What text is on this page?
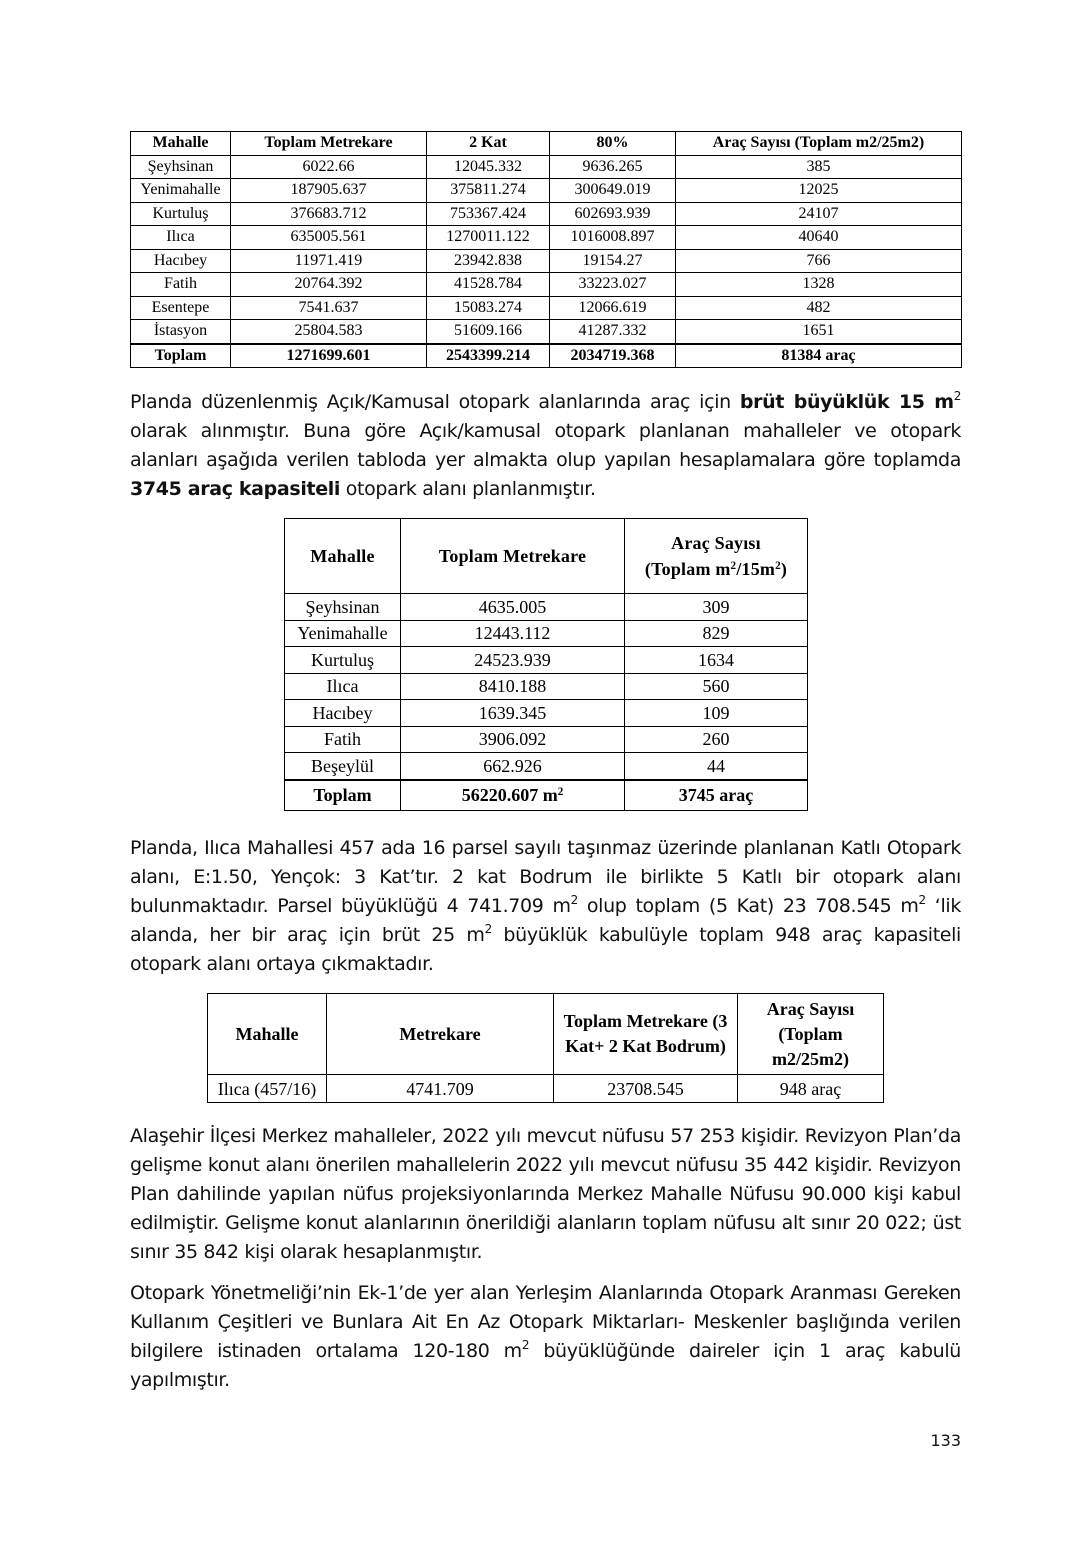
Mahalle	Toplam Metrekare	2 Kat	80%	Araç Sayısı (Toplam m2/25m2)
Şeyhsinan	6022.66	12045.332	9636.265	385
Yenimahalle	187905.637	375811.274	300649.019	12025
Kurtuluş	376683.712	753367.424	602693.939	24107
Ilıca	635005.561	1270011.122	1016008.897	40640
Hacıbey	11971.419	23942.838	19154.27	766
Fatih	20764.392	41528.784	33223.027	1328
Esentepe	7541.637	15083.274	12066.619	482
İstasyon	25804.583	51609.166	41287.332	1651
Toplam	1271699.601	2543399.214	2034719.368	81384 araç

Planda düzenlenmiş Açık/Kamusal otopark alanlarında araç için brüt büyüklük 15 $m^2$ olarak alınmıştır. Buna göre Açık/kamusal otopark planlanan mahalleler ve otopark alanları aşağıda verilen tabloda yer almakta olup yapılan hesaplamalara göre toplamda 3745 araç kapasiteli otopark alanı planlanmıştır.

Mahalle	Toplam Metrekare	Araç Sayısı
(Toplam $m^2/15m^2$)
Şeyhsinan	4635.005	309
Yenimahalle	12443.112	829
Kurtuluş	24523.939	1634
Ilıca	8410.188	560
Hacıbey	1639.345	109
Fatih	3906.092	260
Beşeylül	662.926	44
Toplam	56220.607 $m^2$	3745 araç

Planda, Ilıca Mahallesi 457 ada 16 parsel sayılı taşınmaz üzerinde planlanan Katlı Otopark alanı, E:1.50, Yençok: 3 Kat’tır. 2 kat Bodrum ile birlikte 5 Katlı bir otopark alanı bulunmaktadır. Parsel büyüklüğü 4 741.709 $m^2$ olup toplam (5 Kat) 23 708.545 $m^2$ ‘lik alanda, her bir araç için brüt 25 $m^2$ büyüklük kabulüyle toplam 948 araç kapasiteli otopark alanı ortaya çıkmaktadır.

Mahalle	Metrekare	Toplam Metrekare (3 Kat+ 2 Kat Bodrum)	Araç Sayısı (Toplam m2/25m2)
Ilıca (457/16)	4741.709	23708.545	948 araç

Alaşehir İlçesi Merkez mahalleler, 2022 yılı mevcut nüfusu 57 253 kişidir. Revizyon Plan’da gelişme konut alanı önerilen mahallelerin 2022 yılı mevcut nüfusu 35 442 kişidir. Revizyon Plan dahilinde yapılan nüfus projeksiyonlarında Merkez Mahalle Nüfusu 90.000 kişi kabul edilmiştir. Gelişme konut alanlarının önerildiği alanların toplam nüfusu alt sınır 20 022; üst sınır 35 842 kişi olarak hesaplanmıştır.

Otopark Yönetmeliği’nin Ek-1’de yer alan Yerleşim Alanlarında Otopark Aranması Gereken Kullanım Çeşitleri ve Bunlara Ait En Az Otopark Miktarları- Meskenler başlığında verilen bilgilere istinaden ortalama 120-180 $m^2$ büyüklüğünde daireler için 1 araç kabulü yapılmıştır.

133
